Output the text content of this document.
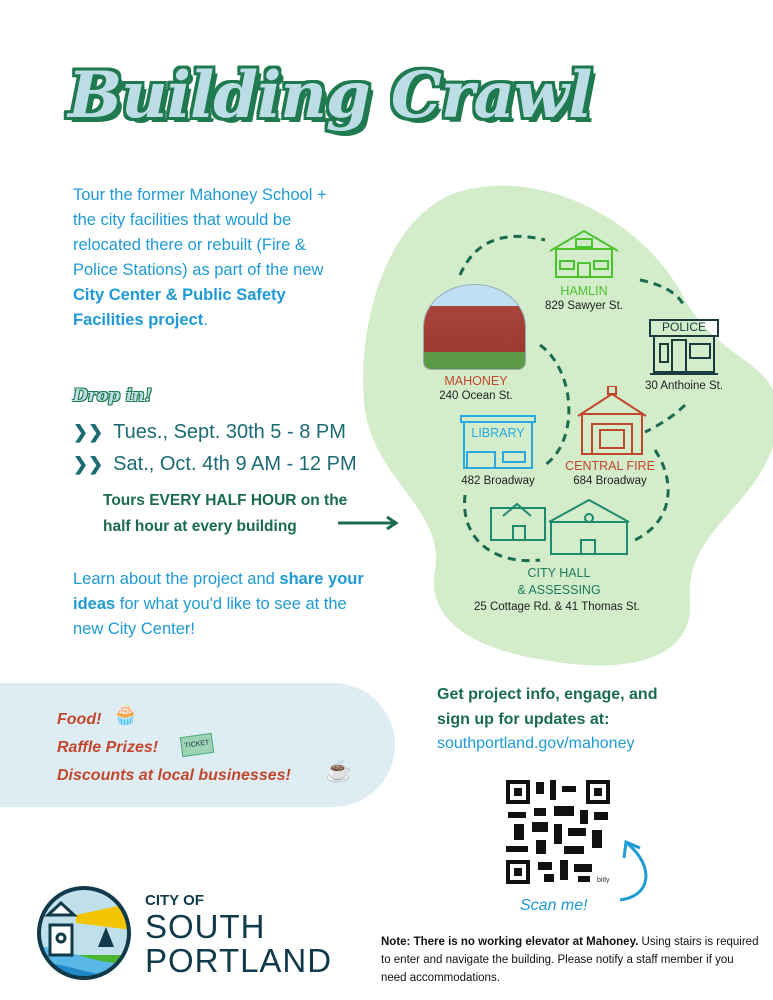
Building Crawl
Tour the former Mahoney School + the city facilities that would be relocated there or rebuilt (Fire & Police Stations) as part of the new City Center & Public Safety Facilities project.
Drop in!
❯❯ Tues., Sept. 30th 5 - 8 PM
❯❯ Sat., Oct. 4th 9 AM - 12 PM
Tours EVERY HALF HOUR on the
half hour at every building
Learn about the project and share your ideas for what you'd like to see at the new City Center!
HAMLIN
829 Sawyer St.
POLICE
30 Anthoine St.
MAHONEY
240 Ocean St.
LIBRARY
482 Broadway
CENTRAL FIRE
684 Broadway
CITY HALL
& ASSESSING
25 Cottage Rd. & 41 Thomas St.
Food! 🧁
Raffle Prizes!	TICKET
Discounts at local businesses! ☕
Get project info, engage, and
sign up for updates at:
southportland.gov/mahoney
bitly
Scan me!
Note: There is no working elevator at Mahoney. Using stairs is required to enter and navigate the building. Please notify a staff member if you need accommodations.
CITY OF
SOUTH
PORTLAND
